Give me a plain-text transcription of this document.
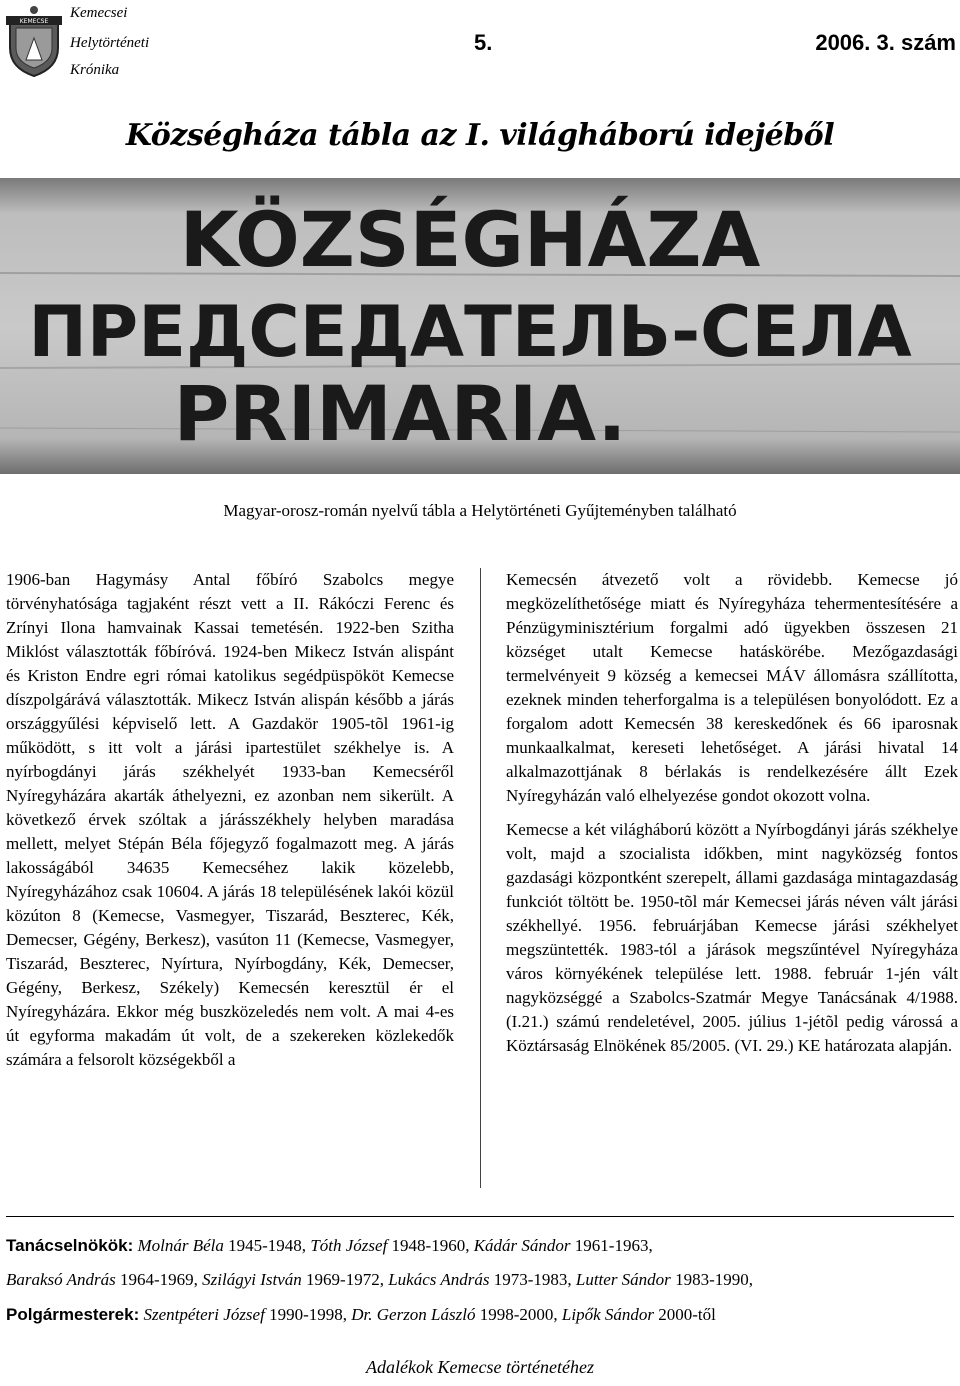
KEMECSE
Kemecsei
Helytörténeti
Krónika
5.	2006. 3. szám
Községháza tábla az I. világháború idejéből
KÖZSÉGHÁZA
ПРЕДСЕДАТЕЛЬ-СЕЛА
PRIMARIA.
Magyar-orosz-román nyelvű tábla a Helytörténeti Gyűjteményben található

1906-ban Hagymásy Antal főbíró Szabolcs megye törvényhatósága tagjaként részt vett a II. Rákóczi Ferenc és Zrínyi Ilona hamvainak Kassai temetésén. 1922-ben Szitha Miklóst választották főbíróvá. 1924-ben Mikecz István alispánt és Kriston Endre egri római katolikus segédpüspököt Kemecse díszpolgárává választották. Mikecz István alispán később a járás országgyűlési képviselő lett. A Gazdakör 1905-tõl 1961-ig működött, s itt volt a járási ipartestület székhelye is. A nyírbogdányi járás székhelyét 1933-ban Kemecséről Nyíregyházára akarták áthelyezni, ez azonban nem sikerült. A következő érvek szóltak a járásszékhely helyben maradása mellett, melyet Stépán Béla főjegyző fogalmazott meg. A járás lakosságából 34635 Kemecséhez lakik közelebb, Nyíregyházához csak 10604. A járás 18 településének lakói közül közúton 8 (Kemecse, Vasmegyer, Tiszarád, Beszterec, Kék, Demecser, Gégény, Berkesz), vasúton 11 (Kemecse, Vasmegyer, Tiszarád, Beszterec, Nyírtura, Nyírbogdány, Kék, Demecser, Gégény, Berkesz, Székely) Kemecsén keresztül ér el Nyíregyházára. Ekkor még buszközeledés nem volt. A mai 4-es út egyforma makadám út volt, de a szekereken közlekedők számára a felsorolt községekből a

Kemecsén átvezető volt a rövidebb. Kemecse jó megközelíthetősége miatt és Nyíregyháza tehermentesítésére a Pénzügyminisztérium forgalmi adó ügyekben összesen 21 községet utalt Kemecse hatáskörébe. Mezőgazdasági termelvényeit 9 község a kemecsei MÁV állomásra szállította, ezeknek minden teherforgalma is a településen bonyolódott. Ez a forgalom adott Kemecsén 38 kereskedőnek és 66 iparosnak munkaalkalmat, kereseti lehetőséget. A járási hivatal 14 alkalmazottjának 8 bérlakás is rendelkezésére állt Ezek Nyíregyházán való elhelyezése gondot okozott volna.

Kemecse a két világháború között a Nyírbogdányi járás székhelye volt, majd a szocialista időkben, mint nagyközség fontos gazdasági központként szerepelt, állami gazdasága mintagazdaság funkciót töltött be. 1950-tõl már Kemecsei járás néven vált járási székhellyé. 1956. februárjában Kemecse járási székhelyet megszüntették. 1983-tól a járások megszűntével Nyíregyháza város környékének települése lett. 1988. február 1-jén vált nagyközséggé a Szabolcs-Szatmár Megye Tanácsának 4/1988. (I.21.) számú rendeletével, 2005. július 1-jétõl pedig várossá a Köztársaság Elnökének 85/2005. (VI. 29.) KE határozata alapján.

Tanácselnökök: Molnár Béla 1945-1948, Tóth József 1948-1960, Kádár Sándor 1961-1963,
Baraksó András 1964-1969, Szilágyi István 1969-1972, Lukács András 1973-1983, Lutter Sándor 1983-1990,
Polgármesterek: Szentpéteri József 1990-1998, Dr. Gerzon László 1998-2000, Lipők Sándor 2000-től
Adalékok Kemecse történetéhez
